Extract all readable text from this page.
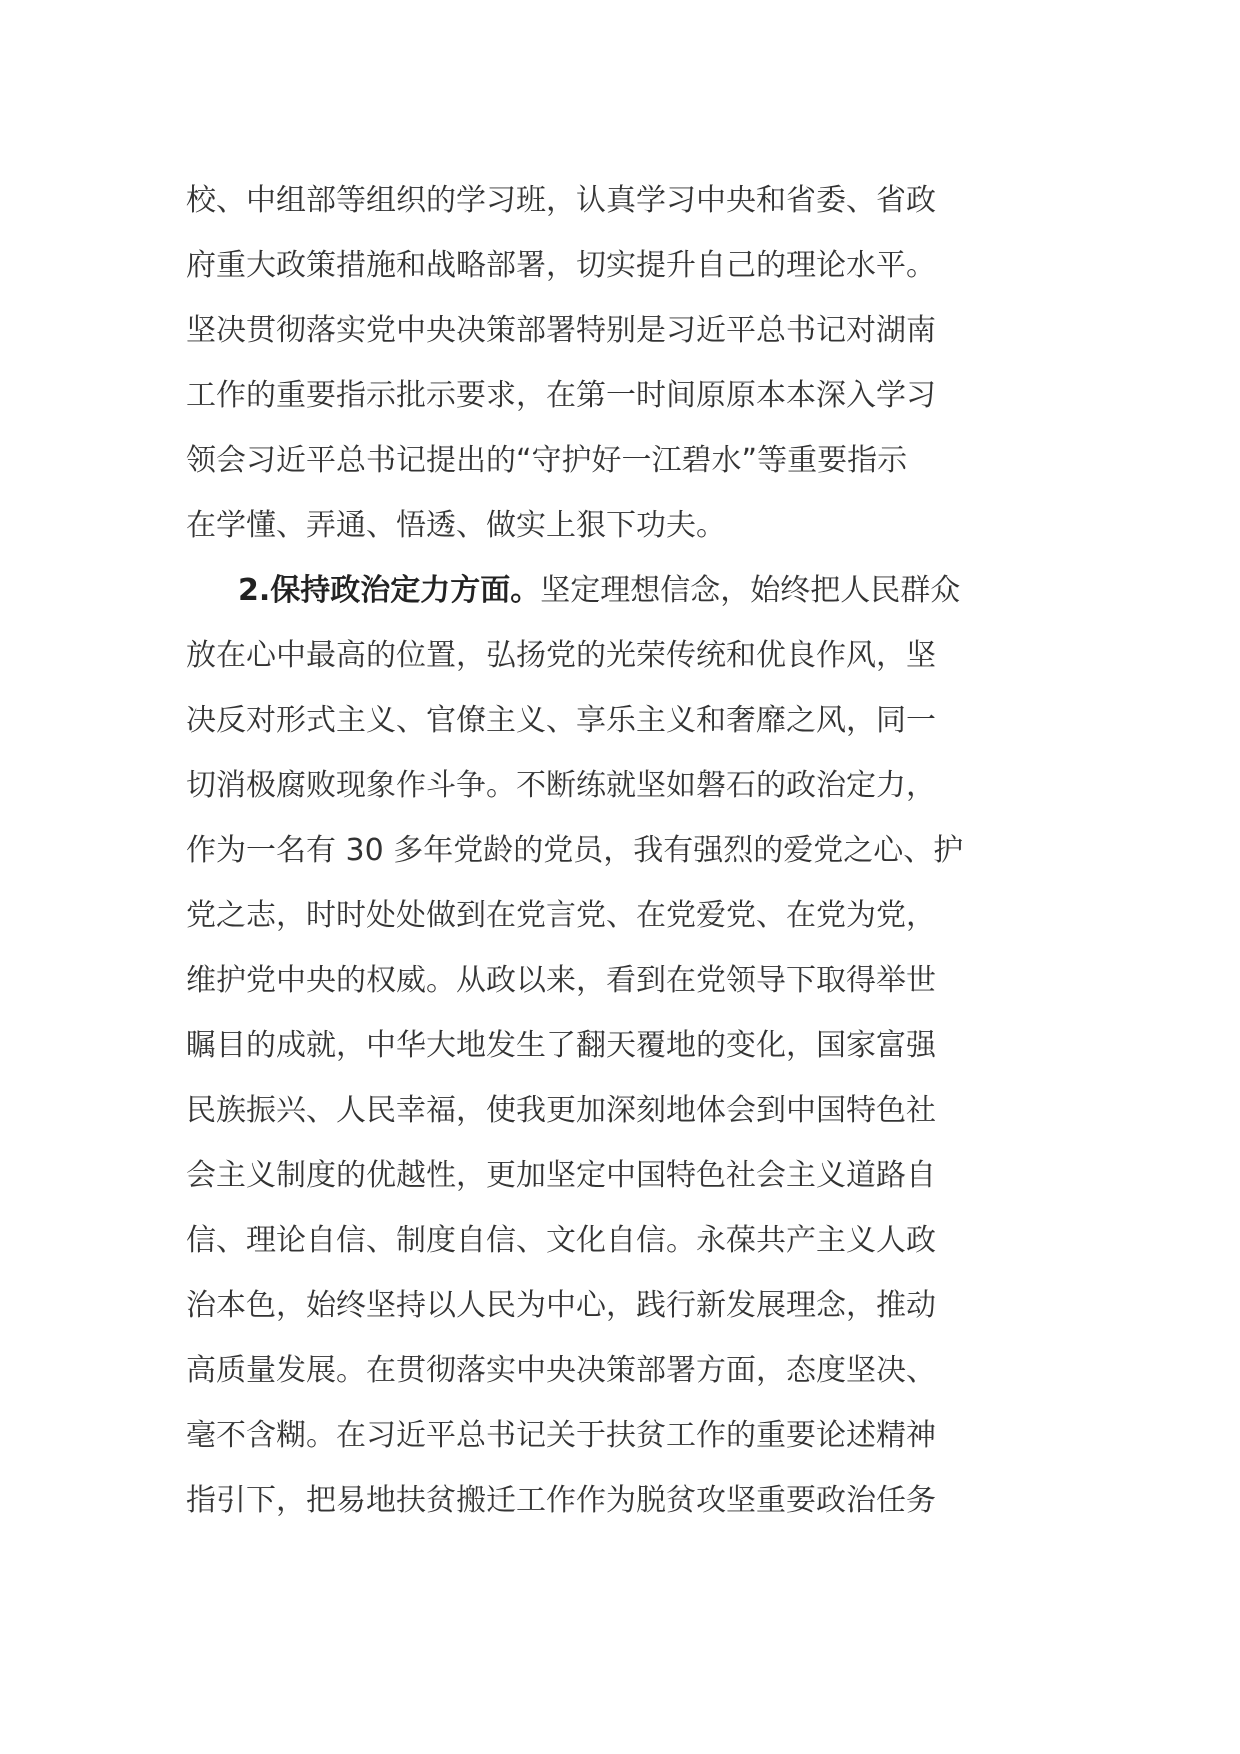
校、中组部等组织的学习班，认真学习中央和省委、省政
府重大政策措施和战略部署，切实提升自己的理论水平。
坚决贯彻落实党中央决策部署特别是习近平总书记对湖南
工作的重要指示批示要求，在第一时间原原本本深入学习
领会习近平总书记提出的“守护好一江碧水”等重要指示
在学懂、弄通、悟透、做实上狠下功夫。
2.保持政治定力方面。坚定理想信念，始终把人民群众
放在心中最高的位置，弘扬党的光荣传统和优良作风，坚
决反对形式主义、官僚主义、享乐主义和奢靡之风，同一
切消极腐败现象作斗争。不断练就坚如磐石的政治定力，
作为一名有 30 多年党龄的党员，我有强烈的爱党之心、护
党之志，时时处处做到在党言党、在党爱党、在党为党，
维护党中央的权威。从政以来，看到在党领导下取得举世
瞩目的成就，中华大地发生了翻天覆地的变化，国家富强
民族振兴、人民幸福，使我更加深刻地体会到中国特色社
会主义制度的优越性，更加坚定中国特色社会主义道路自
信、理论自信、制度自信、文化自信。永葆共产主义人政
治本色，始终坚持以人民为中心，践行新发展理念，推动
高质量发展。在贯彻落实中央决策部署方面，态度坚决、
毫不含糊。在习近平总书记关于扶贫工作的重要论述精神
指引下，把易地扶贫搬迁工作作为脱贫攻坚重要政治任务
